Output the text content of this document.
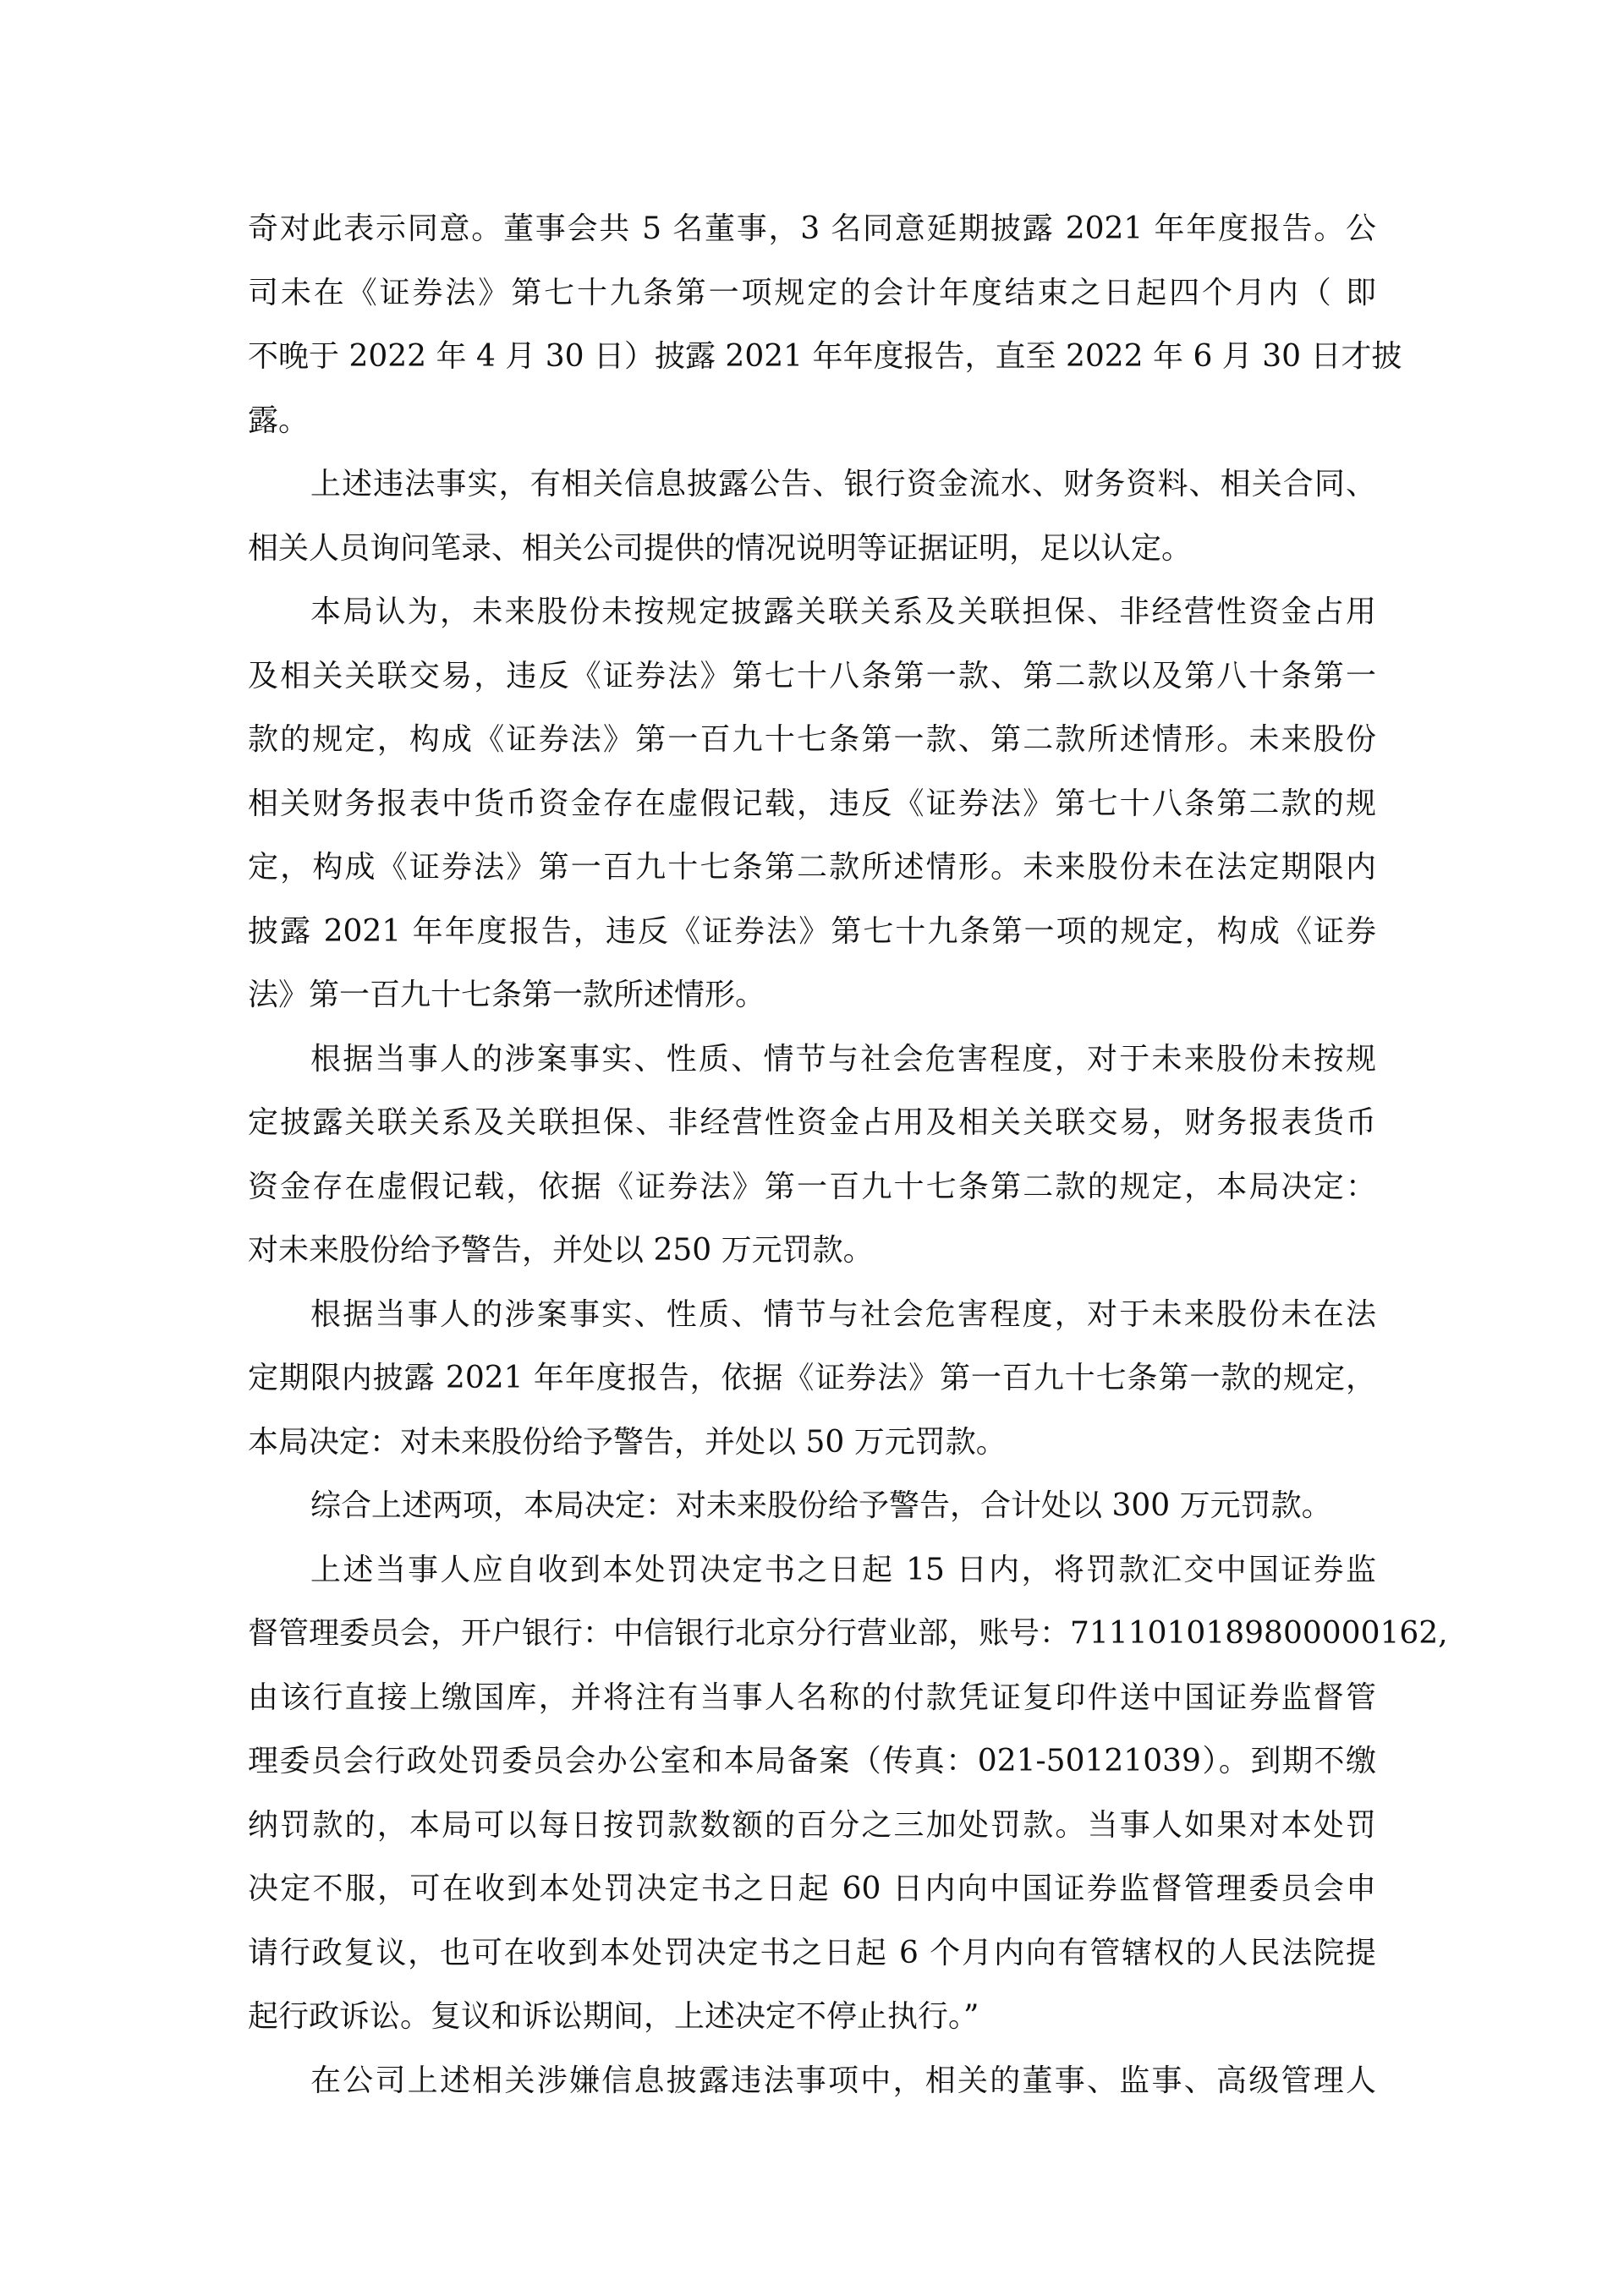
奇对此表示同意。董事会共 5 名董事，3 名同意延期披露 2021 年年度报告。公
司未在《证券法》第七十九条第一项规定的会计年度结束之日起四个月内（ 即
不晚于 2022 年 4 月 30 日）披露 2021 年年度报告，直至 2022 年 6 月 30 日才披
露。
上述违法事实，有相关信息披露公告、银行资金流水、财务资料、相关合同、
相关人员询问笔录、相关公司提供的情况说明等证据证明，足以认定。
本局认为，未来股份未按规定披露关联关系及关联担保、非经营性资金占用
及相关关联交易，违反《证券法》第七十八条第一款、第二款以及第八十条第一
款的规定，构成《证券法》第一百九十七条第一款、第二款所述情形。未来股份
相关财务报表中货币资金存在虚假记载，违反《证券法》第七十八条第二款的规
定，构成《证券法》第一百九十七条第二款所述情形。未来股份未在法定期限内
披露 2021 年年度报告，违反《证券法》第七十九条第一项的规定，构成《证券
法》第一百九十七条第一款所述情形。
根据当事人的涉案事实、性质、情节与社会危害程度，对于未来股份未按规
定披露关联关系及关联担保、非经营性资金占用及相关关联交易，财务报表货币
资金存在虚假记载，依据《证券法》第一百九十七条第二款的规定，本局决定：
对未来股份给予警告，并处以 250 万元罚款。
根据当事人的涉案事实、性质、情节与社会危害程度，对于未来股份未在法
定期限内披露 2021 年年度报告，依据《证券法》第一百九十七条第一款的规定，
本局决定：对未来股份给予警告，并处以 50 万元罚款。
综合上述两项，本局决定：对未来股份给予警告，合计处以 300 万元罚款。
上述当事人应自收到本处罚决定书之日起 15 日内，将罚款汇交中国证券监
督管理委员会，开户银行：中信银行北京分行营业部，账号：7111010189800000162,
由该行直接上缴国库，并将注有当事人名称的付款凭证复印件送中国证券监督管
理委员会行政处罚委员会办公室和本局备案（传真：021-50121039）。到期不缴
纳罚款的，本局可以每日按罚款数额的百分之三加处罚款。当事人如果对本处罚
决定不服，可在收到本处罚决定书之日起 60 日内向中国证券监督管理委员会申
请行政复议，也可在收到本处罚决定书之日起 6 个月内向有管辖权的人民法院提
起行政诉讼。复议和诉讼期间，上述决定不停止执行。”
在公司上述相关涉嫌信息披露违法事项中，相关的董事、监事、高级管理人
